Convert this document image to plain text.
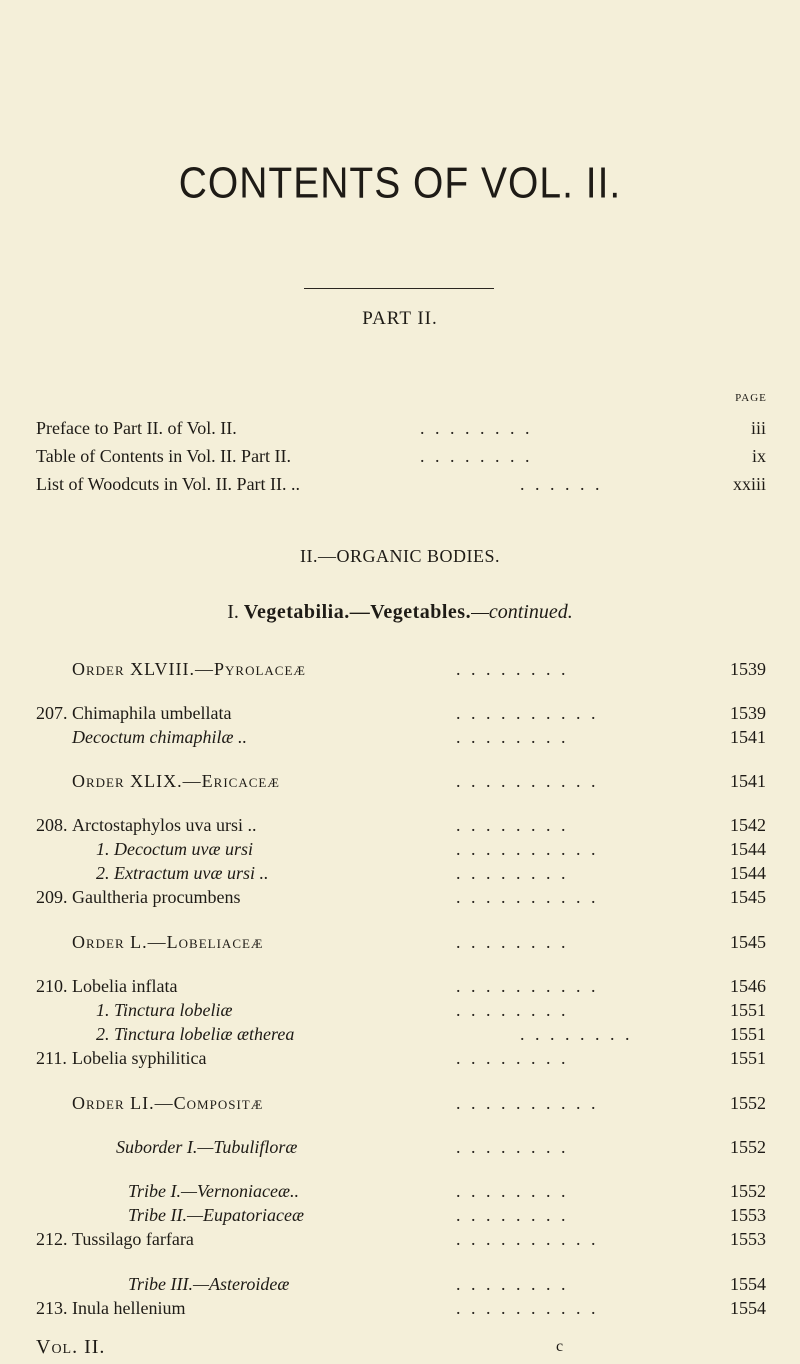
CONTENTS OF VOL. II.
PART II.
PAGE
Preface to Part II. of Vol. II.	. . . . . . . .	iii
Table of Contents in Vol. II. Part II.	. . . . . . . .	ix
List of Woodcuts in Vol. II. Part II. ..	. . . . . .	xxiii
II.—ORGANIC BODIES.
I. Vegetabilia.—Vegetables.—continued.
Order XLVIII.—Pyrolaceæ	. . . . . . . .	1539
207. Chimaphila umbellata	. . . . . . . . . .	1539
Decoctum chimaphilæ ..	. . . . . . . .	1541
Order XLIX.—Ericaceæ	. . . . . . . . . .	1541
208. Arctostaphylos uva ursi ..	. . . . . . . .	1542
1. Decoctum uvæ ursi	. . . . . . . . . .	1544
2. Extractum uvæ ursi ..	. . . . . . . .	1544
209. Gaultheria procumbens	. . . . . . . . . .	1545
Order L.—Lobeliaceæ	. . . . . . . .	1545
210. Lobelia inflata	. . . . . . . . . .	1546
1. Tinctura lobeliæ	. . . . . . . .	1551
2. Tinctura lobeliæ ætherea	. . . . . . . .	1551
211. Lobelia syphilitica	. . . . . . . .	1551
Order LI.—Compositæ	. . . . . . . . . .	1552
Suborder I.—Tubulifloræ	. . . . . . . .	1552
Tribe I.—Vernoniaceæ..	. . . . . . . .	1552
Tribe II.—Eupatoriaceæ	. . . . . . . .	1553
212. Tussilago farfara	. . . . . . . . . .	1553
Tribe III.—Asteroideæ	. . . . . . . .	1554
213. Inula hellenium	. . . . . . . . . .	1554
Vol. II.	c
